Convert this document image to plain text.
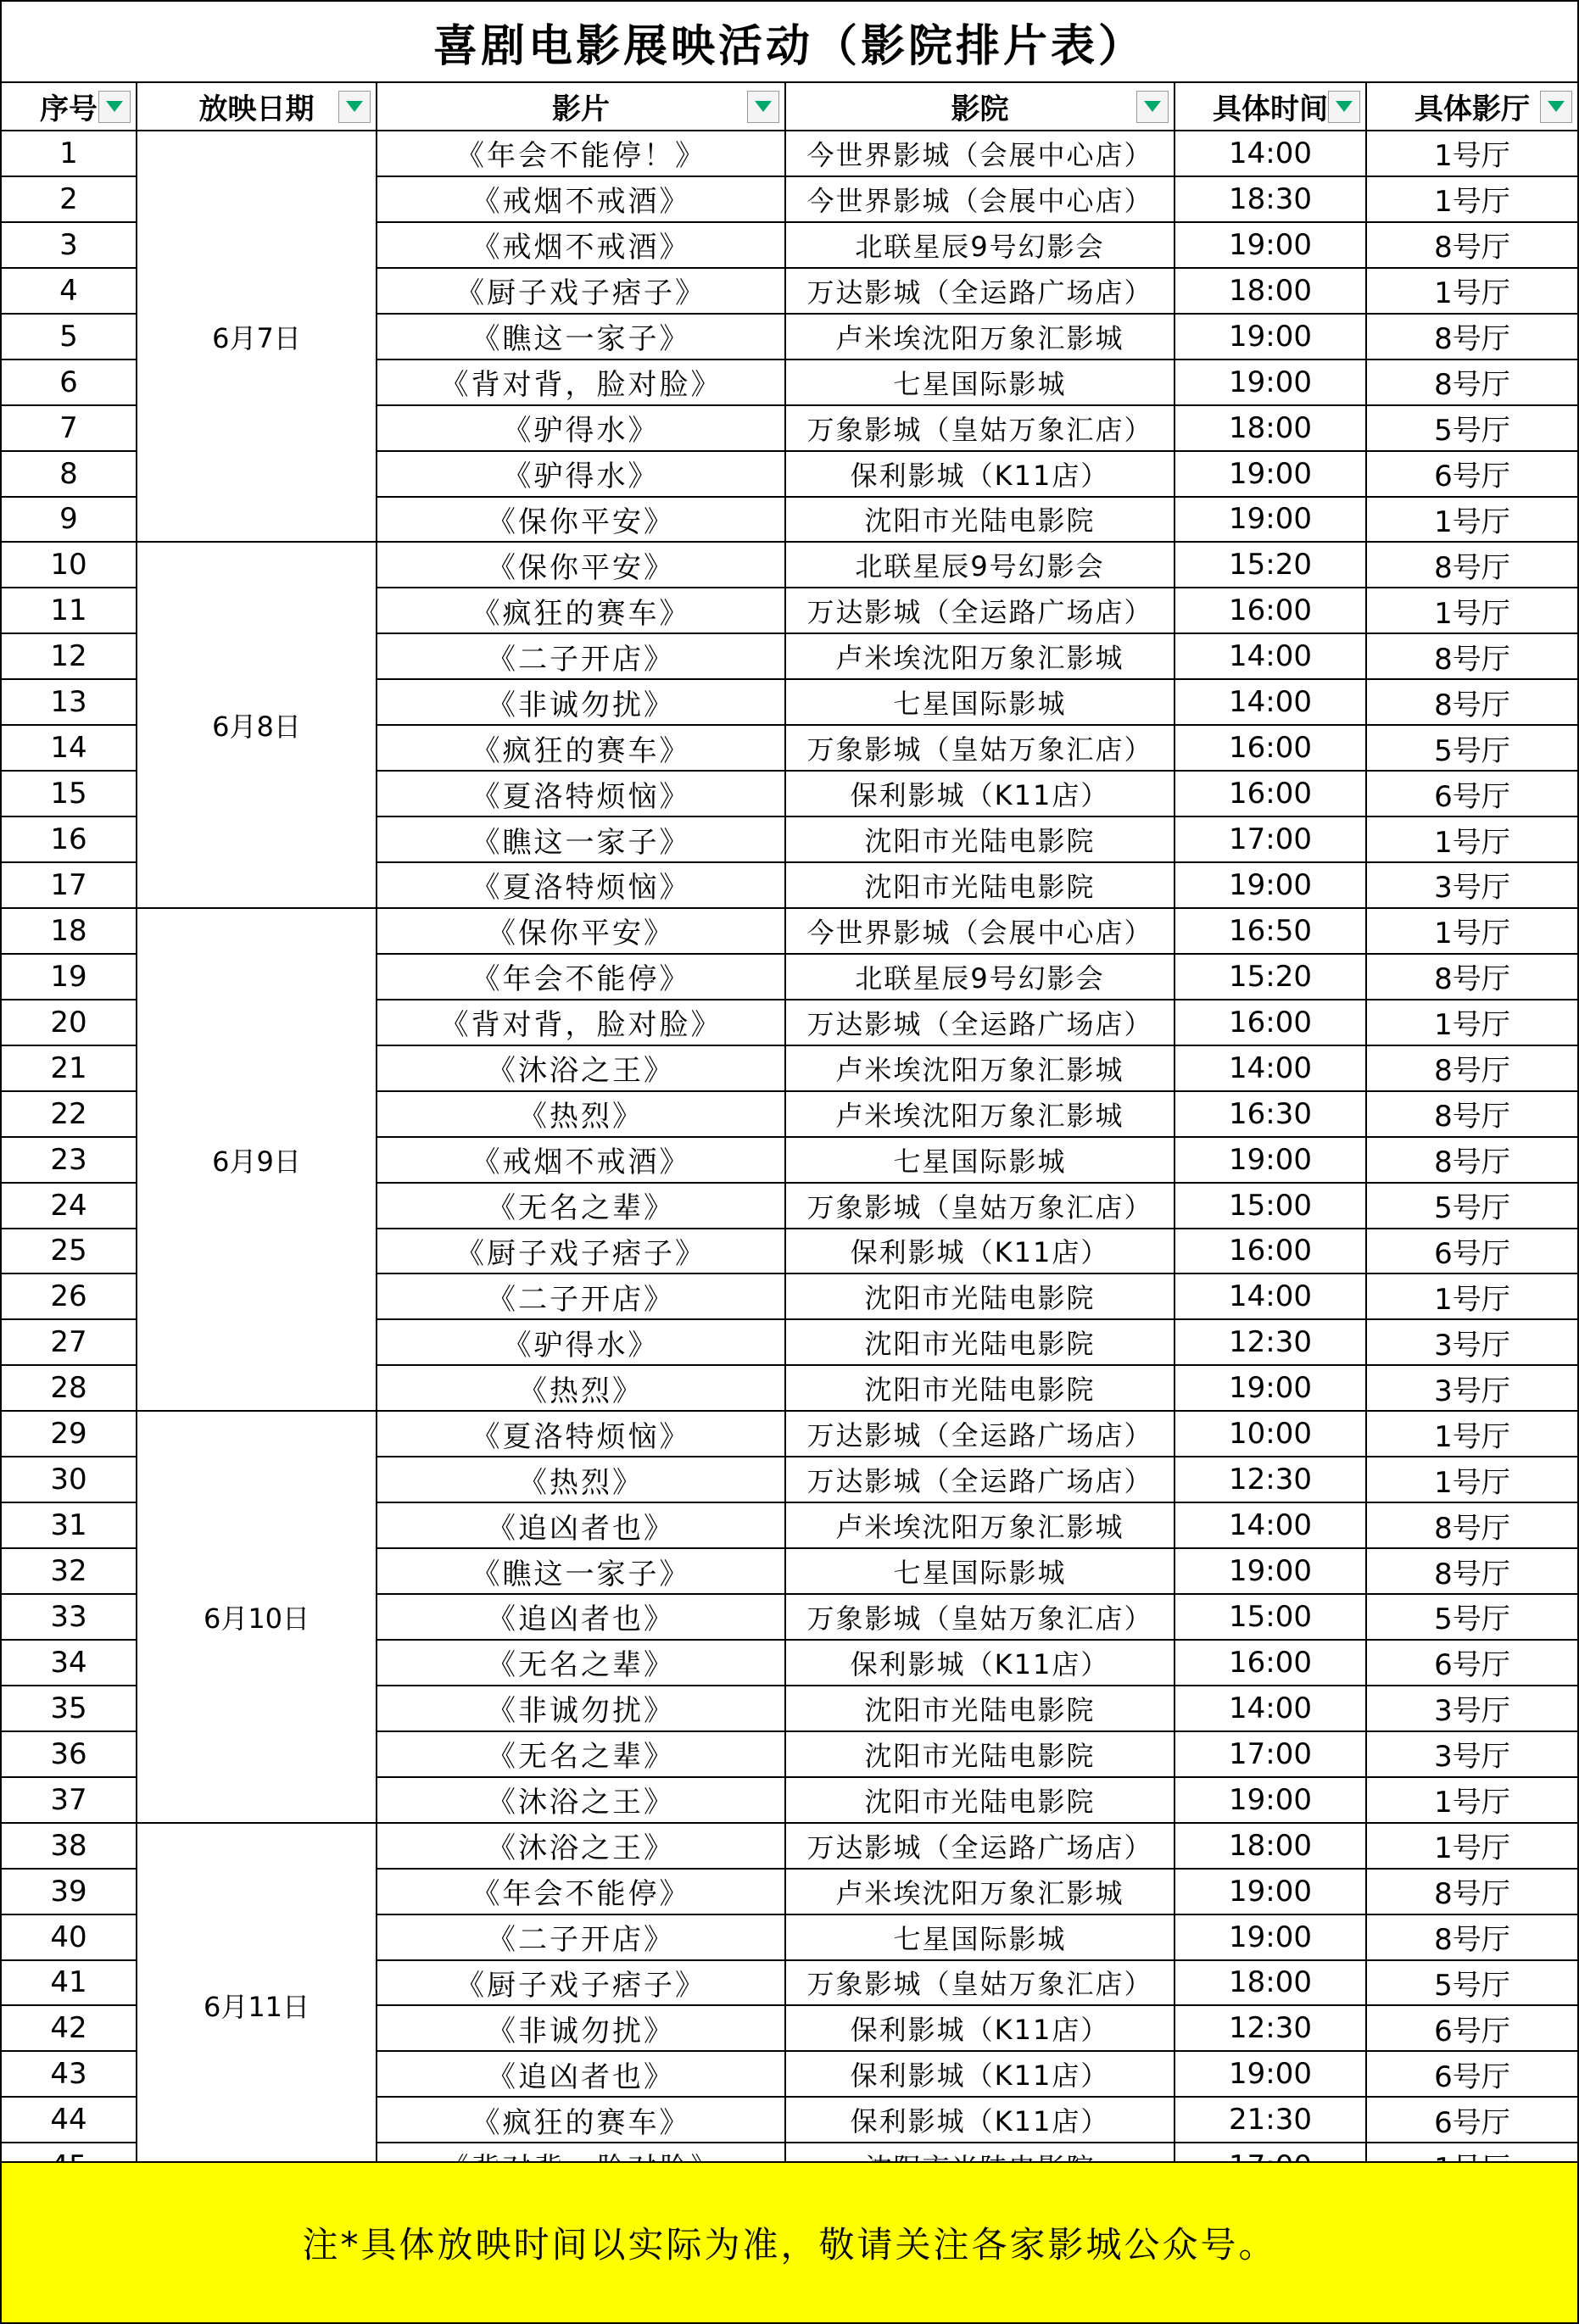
喜剧电影展映活动（影院排片表）
序号	放映日期	影片	影院	具体时间	具体影厅

1	6月7日	《年会不能停！》	今世界影城（会展中心店）	14:00	1号厅
2		《戒烟不戒酒》	今世界影城（会展中心店）	18:30	1号厅
3		《戒烟不戒酒》	北联星辰9号幻影会	19:00	8号厅
4		《厨子戏子痞子》	万达影城（全运路广场店）	18:00	1号厅
5		《瞧这一家子》	卢米埃沈阳万象汇影城	19:00	8号厅
6		《背对背，脸对脸》	七星国际影城	19:00	8号厅
7		《驴得水》	万象影城（皇姑万象汇店）	18:00	5号厅
8		《驴得水》	保利影城（K11店）	19:00	6号厅
9		《保你平安》	沈阳市光陆电影院	19:00	1号厅
10	6月8日	《保你平安》	北联星辰9号幻影会	15:20	8号厅
11		《疯狂的赛车》	万达影城（全运路广场店）	16:00	1号厅
12		《二子开店》	卢米埃沈阳万象汇影城	14:00	8号厅
13		《非诚勿扰》	七星国际影城	14:00	8号厅
14		《疯狂的赛车》	万象影城（皇姑万象汇店）	16:00	5号厅
15		《夏洛特烦恼》	保利影城（K11店）	16:00	6号厅
16		《瞧这一家子》	沈阳市光陆电影院	17:00	1号厅
17		《夏洛特烦恼》	沈阳市光陆电影院	19:00	3号厅
18	6月9日	《保你平安》	今世界影城（会展中心店）	16:50	1号厅
19		《年会不能停》	北联星辰9号幻影会	15:20	8号厅
20		《背对背，脸对脸》	万达影城（全运路广场店）	16:00	1号厅
21		《沐浴之王》	卢米埃沈阳万象汇影城	14:00	8号厅
22		《热烈》	卢米埃沈阳万象汇影城	16:30	8号厅
23		《戒烟不戒酒》	七星国际影城	19:00	8号厅
24		《无名之辈》	万象影城（皇姑万象汇店）	15:00	5号厅
25		《厨子戏子痞子》	保利影城（K11店）	16:00	6号厅
26		《二子开店》	沈阳市光陆电影院	14:00	1号厅
27		《驴得水》	沈阳市光陆电影院	12:30	3号厅
28		《热烈》	沈阳市光陆电影院	19:00	3号厅
29	6月10日	《夏洛特烦恼》	万达影城（全运路广场店）	10:00	1号厅
30		《热烈》	万达影城（全运路广场店）	12:30	1号厅
31		《追凶者也》	卢米埃沈阳万象汇影城	14:00	8号厅
32		《瞧这一家子》	七星国际影城	19:00	8号厅
33		《追凶者也》	万象影城（皇姑万象汇店）	15:00	5号厅
34		《无名之辈》	保利影城（K11店）	16:00	6号厅
35		《非诚勿扰》	沈阳市光陆电影院	14:00	3号厅
36		《无名之辈》	沈阳市光陆电影院	17:00	3号厅
37		《沐浴之王》	沈阳市光陆电影院	19:00	1号厅
38	6月11日	《沐浴之王》	万达影城（全运路广场店）	18:00	1号厅
39		《年会不能停》	卢米埃沈阳万象汇影城	19:00	8号厅
40		《二子开店》	七星国际影城	19:00	8号厅
41		《厨子戏子痞子》	万象影城（皇姑万象汇店）	18:00	5号厅
42		《非诚勿扰》	保利影城（K11店）	12:30	6号厅
43		《追凶者也》	保利影城（K11店）	19:00	6号厅
44		《疯狂的赛车》	保利影城（K11店）	21:30	6号厅

注*具体放映时间以实际为准，敬请关注各家影城公众号。
